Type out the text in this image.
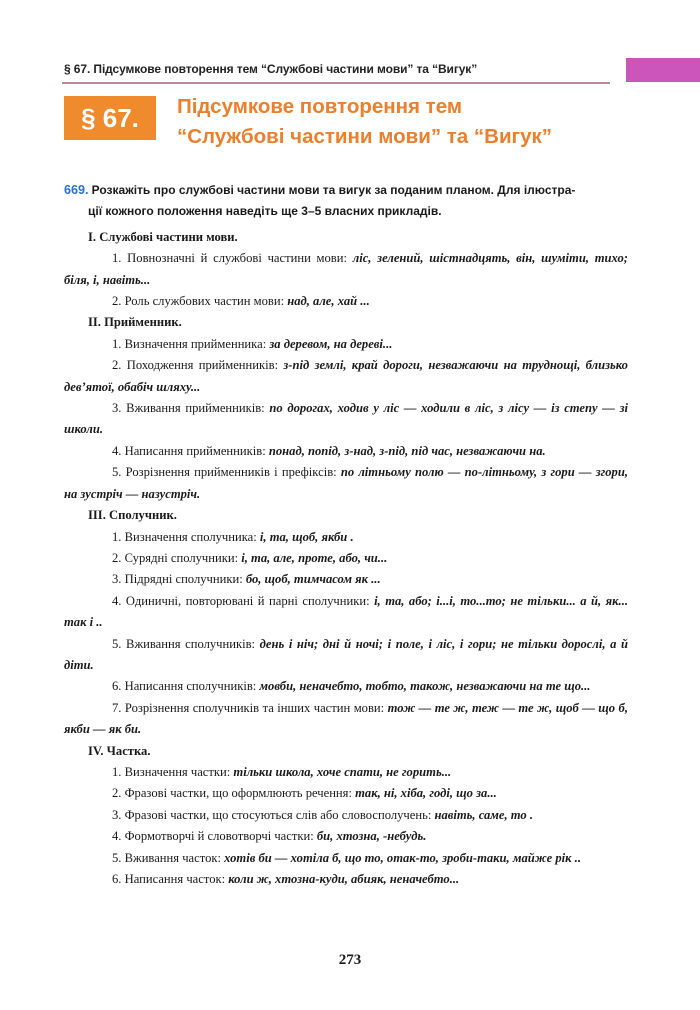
§ 67. Підсумкове повторення тем “Службові частини мови” та “Вигук”
§ 67.	Підсумкове повторення тем
“Службові частини мови” та “Вигук”
669. Розкажіть про службові частини мови та вигук за поданим планом. Для ілюстра-
ції кожного положення наведіть ще 3–5 власних прикладів.
І. Службові частини мови.
1. Повнозначні й службові частини мови: ліс, зелений, шістнадцять, він, шуміти, тихо; біля, і, навіть...
2. Роль службових частин мови: над, але, хай ...
ІІ. Прийменник.
1. Визначення прийменника: за деревом, на дереві...
2. Походження прийменників: з-під землі, край дороги, незважаючи на труднощі, близько дев’ятої, обабіч шляху...
3. Вживання прийменників: по дорогах, ходив у ліс — ходили в ліс, з лісу — із степу — зі школи.
4. Написання прийменників: понад, попід, з-над, з-під, під час, незважаючи на.
5. Розрізнення прийменників і префіксів: по літньому полю — по-літньому, з гори — згори, на зустріч — назустріч.
ІІІ. Сполучник.
1. Визначення сполучника: і, та, щоб, якби .
2. Сурядні сполучники: і, та, але, проте, або, чи...
3. Підрядні сполучники: бо, щоб, тимчасом як ...
4. Одиничні, повторювані й парні сполучники: і, та, або; і...і, то...то; не тільки... а й, як... так і ..
5. Вживання сполучників: день і ніч; дні й ночі; і поле, і ліс, і гори; не тільки дорослі, а й діти.
6. Написання сполучників: мовби, неначебто, тобто, також, незважаючи на те що...
7. Розрізнення сполучників та інших частин мови: тож — те ж, теж — те ж, щоб — що б, якби — як би.
IV. Частка.
1. Визначення частки: тільки школа, хоче спати, не горить...
2. Фразові частки, що оформлюють речення: так, ні, хіба, годі, що за...
3. Фразові частки, що стосуються слів або словосполучень: навіть, саме, то .
4. Формотворчі й словотворчі частки: би, хтозна, -небудь.
5. Вживання часток: хотів би — хотіла б, що то, отак-то, зроби-таки, майже рік ..
6. Написання часток: коли ж, хтозна-куди, абияк, неначебто...
273
